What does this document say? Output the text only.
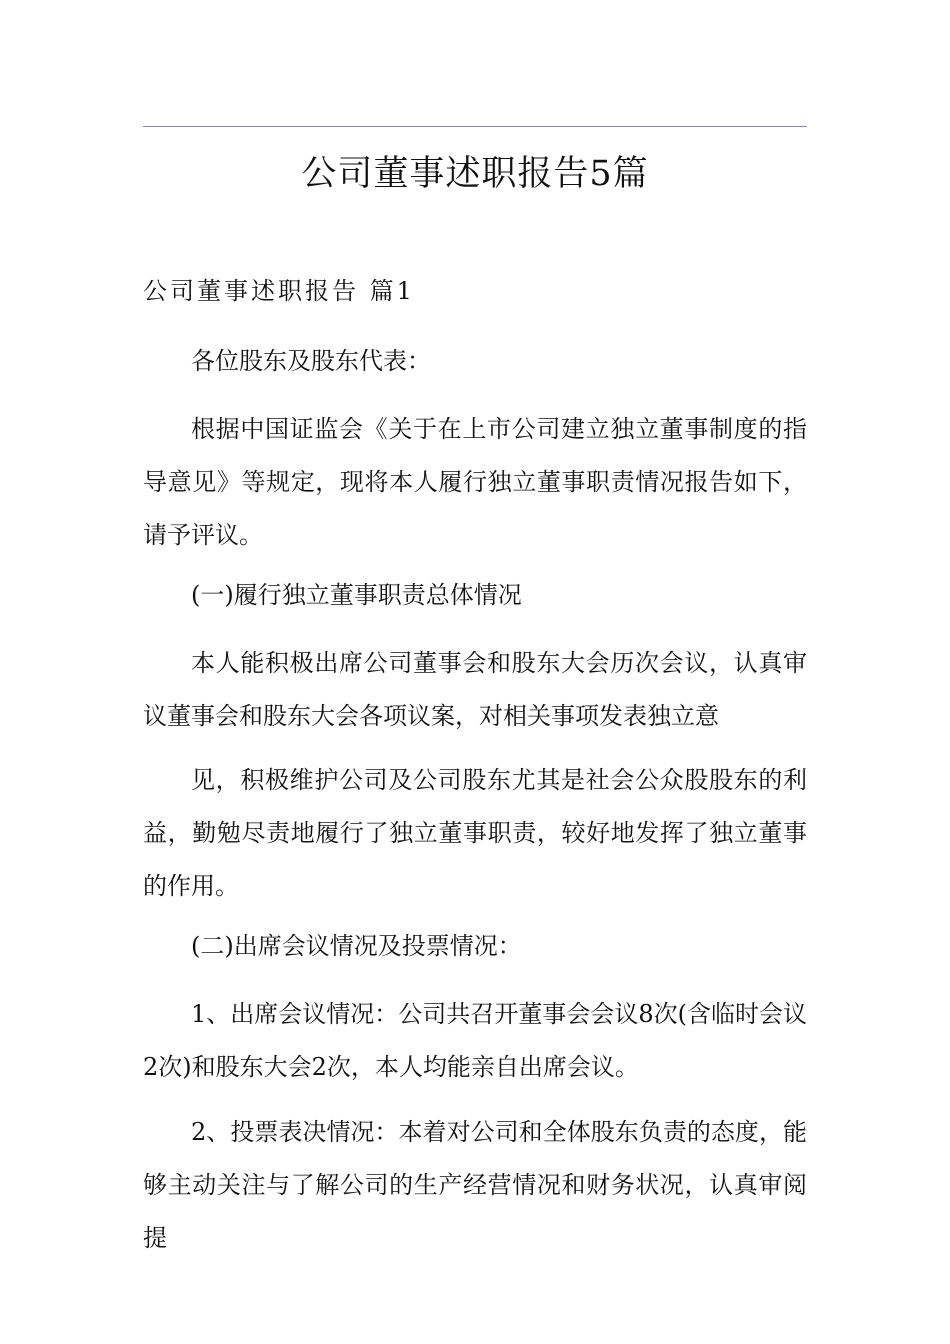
公司董事述职报告5篇
公司董事述职报告 篇1

各位股东及股东代表：

根据中国证监会《关于在上市公司建立独立董事制度的指导意见》等规定，现将本人履行独立董事职责情况报告如下，请予评议。

(一)履行独立董事职责总体情况

本人能积极出席公司董事会和股东大会历次会议，认真审议董事会和股东大会各项议案，对相关事项发表独立意

见，积极维护公司及公司股东尤其是社会公众股股东的利益，勤勉尽责地履行了独立董事职责，较好地发挥了独立董事的作用。

(二)出席会议情况及投票情况：

1、出席会议情况：公司共召开董事会会议8次(含临时会议2次)和股东大会2次，本人均能亲自出席会议。

2、投票表决情况：本着对公司和全体股东负责的态度，能够主动关注与了解公司的生产经营情况和财务状况，认真审阅提
